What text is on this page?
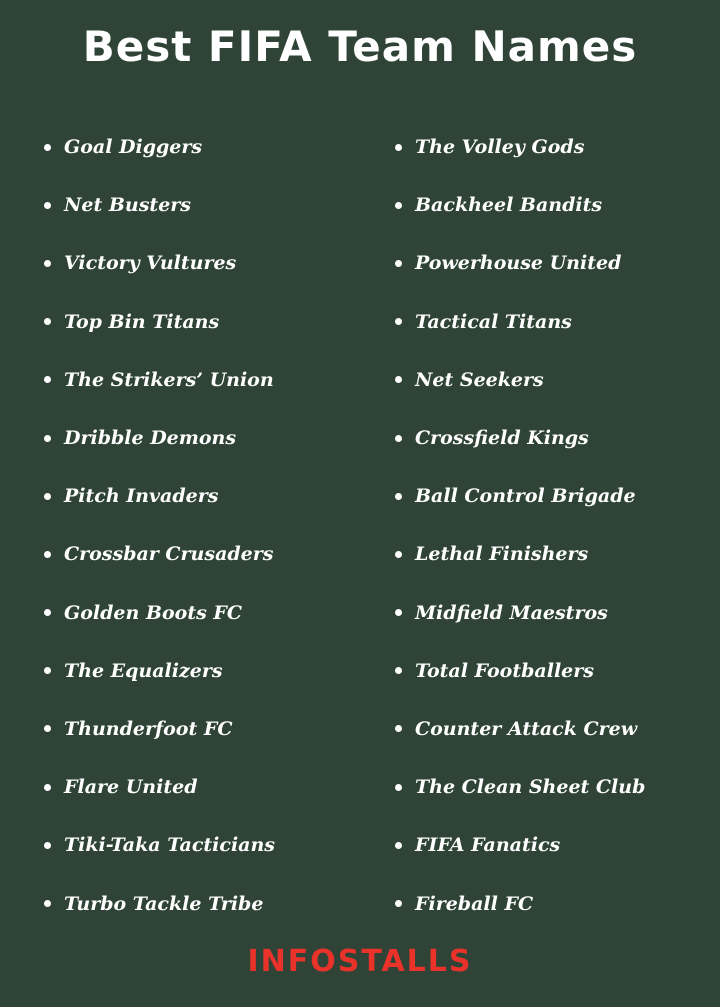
Best FIFA Team Names
Goal Diggers
Net Busters
Victory Vultures
Top Bin Titans
The Strikers’ Union
Dribble Demons
Pitch Invaders
Crossbar Crusaders
Golden Boots FC
The Equalizers
Thunderfoot FC
Flare United
Tiki-Taka Tacticians
Turbo Tackle Tribe
The Volley Gods
Backheel Bandits
Powerhouse United
Tactical Titans
Net Seekers
Crossfield Kings
Ball Control Brigade
Lethal Finishers
Midfield Maestros
Total Footballers
Counter Attack Crew
The Clean Sheet Club
FIFA Fanatics
Fireball FC
INFOSTALLS
